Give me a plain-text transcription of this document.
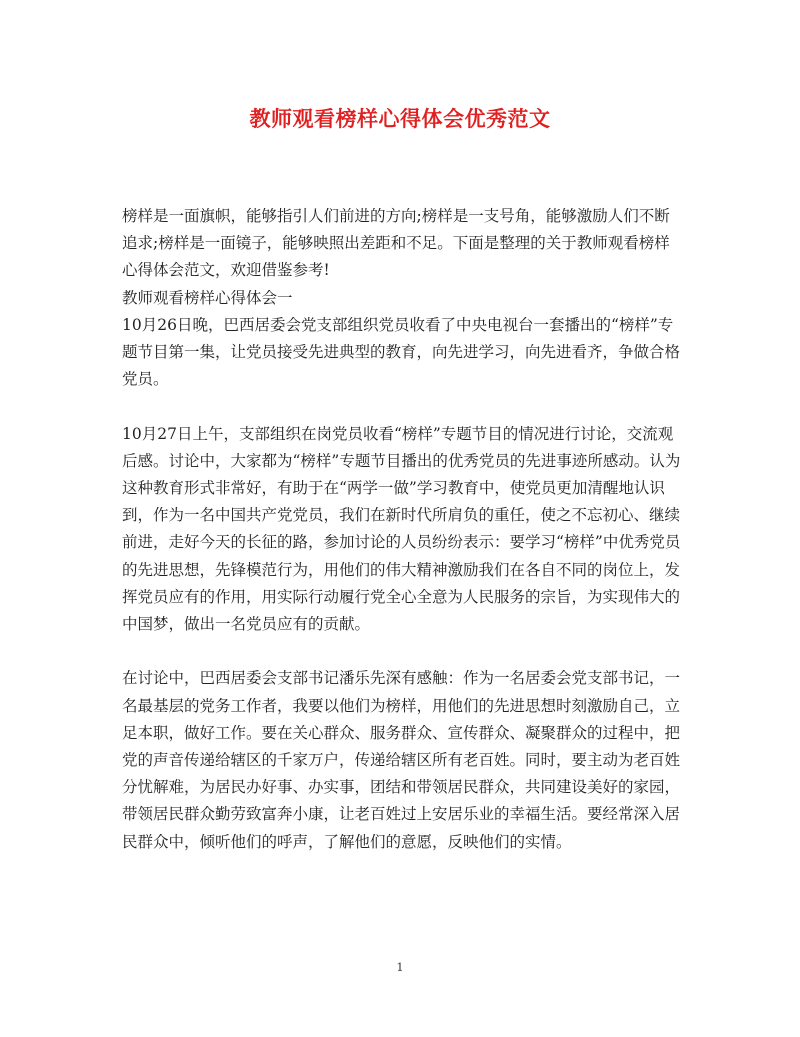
教师观看榜样心得体会优秀范文

榜样是一面旗帜，能够指引人们前进的方向;榜样是一支号角，能够激励人们不断追求;榜样是一面镜子，能够映照出差距和不足。下面是整理的关于教师观看榜样心得体会范文，欢迎借鉴参考!

教师观看榜样心得体会一

10月26日晚，巴西居委会党支部组织党员收看了中央电视台一套播出的“榜样”专题节目第一集，让党员接受先进典型的教育，向先进学习，向先进看齐，争做合格党员。

10月27日上午，支部组织在岗党员收看“榜样”专题节目的情况进行讨论，交流观后感。讨论中，大家都为“榜样”专题节目播出的优秀党员的先进事迹所感动。认为这种教育形式非常好，有助于在“两学一做”学习教育中，使党员更加清醒地认识到，作为一名中国共产党党员，我们在新时代所肩负的重任，使之不忘初心、继续前进，走好今天的长征的路，参加讨论的人员纷纷表示：要学习“榜样”中优秀党员的先进思想，先锋模范行为，用他们的伟大精神激励我们在各自不同的岗位上，发挥党员应有的作用，用实际行动履行党全心全意为人民服务的宗旨，为实现伟大的中国梦，做出一名党员应有的贡献。

在讨论中，巴西居委会支部书记潘乐先深有感触：作为一名居委会党支部书记，一名最基层的党务工作者，我要以他们为榜样，用他们的先进思想时刻激励自己，立足本职，做好工作。要在关心群众、服务群众、宣传群众、凝聚群众的过程中，把党的声音传递给辖区的千家万户，传递给辖区所有老百姓。同时，要主动为老百姓分忧解难，为居民办好事、办实事，团结和带领居民群众，共同建设美好的家园，带领居民群众勤劳致富奔小康，让老百姓过上安居乐业的幸福生活。要经常深入居民群众中，倾听他们的呼声，了解他们的意愿，反映他们的实情。

1
